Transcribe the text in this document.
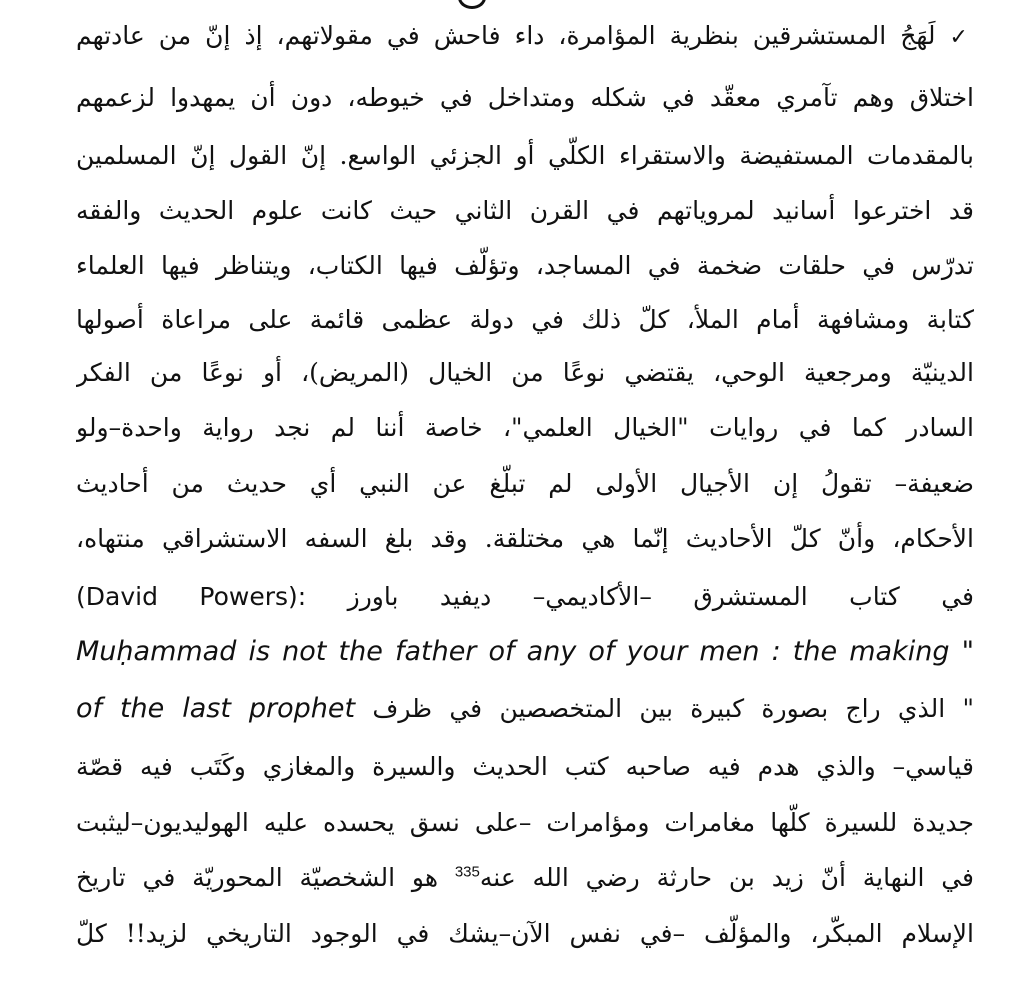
✓لَهَجُ المستشرقين بنظرية المؤامرة، داء فاحش في مقولاتهم، إذ إنّ من عادتهم
اختلاق وهم تآمري معقّد في شكله ومتداخل في خيوطه، دون أن يمهدوا لزعمهم
بالمقدمات المستفيضة والاستقراء الكلّي أو الجزئي الواسع. إنّ القول إنّ المسلمين
قد اخترعوا أسانيد لمروياتهم في القرن الثاني حيث كانت علوم الحديث والفقه
تدرّس في حلقات ضخمة في المساجد، وتؤلّف فيها الكتاب، ويتناظر فيها العلماء
كتابة ومشافهة أمام الملأ، كلّ ذلك في دولة عظمى قائمة على مراعاة أصولها
الدينيّة ومرجعية الوحي، يقتضي نوعًا من الخيال (المريض)، أو نوعًا من الفكر
السادر كما في روايات "الخيال العلمي"، خاصة أننا لم نجد رواية واحدة–ولو
ضعيفة– تقولُ إن الأجيال الأولى لم تبلّغ عن النبي أي حديث من أحاديث
الأحكام، وأنّ كلّ الأحاديث إنّما هي مختلقة. وقد بلغ السفه الاستشراقي منتهاه،
في كتاب المستشرق –الأكاديمي– ديفيد باورز (David Powers):
Muḥammad is not the father of any of your men : the making "
" الذي راج بصورة كبيرة بين المتخصصين في ظرف of the last prophet
قياسي– والذي هدم فيه صاحبه كتب الحديث والسيرة والمغازي وكَتَب فيه قصّة
جديدة للسيرة كلّها مغامرات ومؤامرات –على نسق يحسده عليه الهوليديون–ليثبت
في النهاية أنّ زيد بن حارثة رضي الله عنه$^{335}$ هو الشخصيّة المحوريّة في تاريخ
الإسلام المبكّر، والمؤلّف –في نفس الآن–يشك في الوجود التاريخي لزيد!! كلّ
